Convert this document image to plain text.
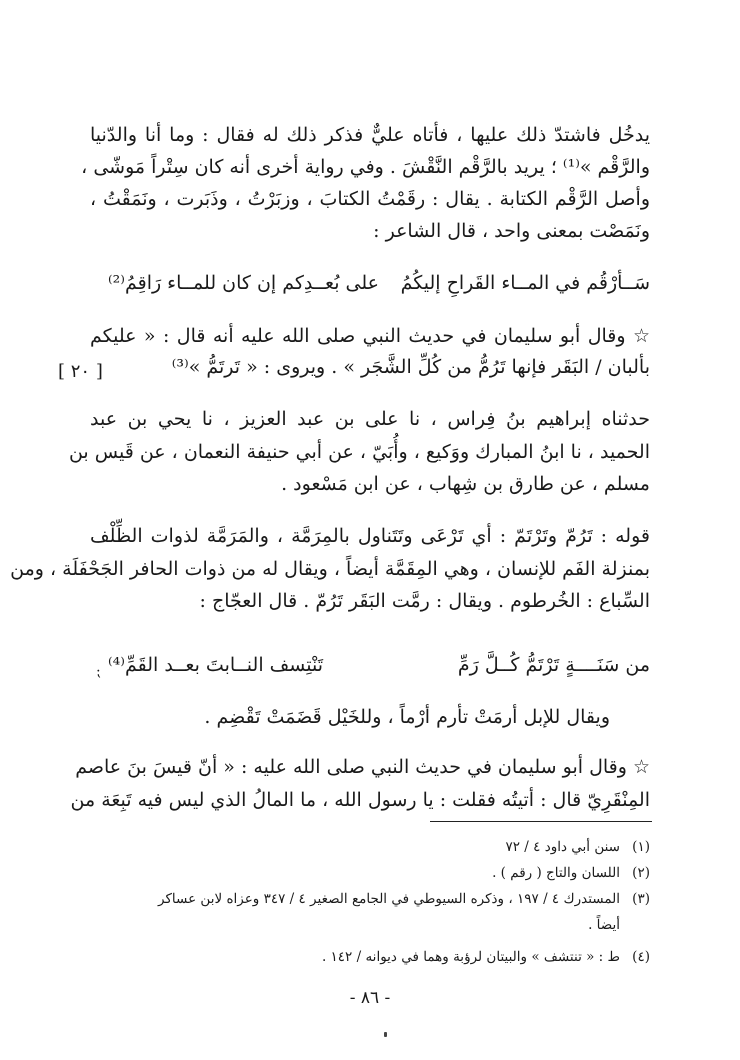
يدخُل فاشتدّ ذلك عليها ، فأتاه عليٌّ فذكر ذلك له فقال : وما أنا والدّنيا
والرَّقْم »⁽¹⁾ ؛ يريد بالرَّقْم النَّقْشَ . وفي رواية أخرى أنه كان سِتْراً مَوشّى ،
وأصل الرَّقْم الكتابة . يقال : رقَمْتُ الكتابَ ، وزبَرْتُ ، وذَبَرت ، ونَمَقْتُ ،
ونَمَصْت بمعنى واحد ، قال الشاعر :
سَــأرْقُم في المــاء القَراحِ إليكُمُ
على بُعــدِكم إن كان للمــاء رَاقِمُ⁽²⁾
☆ وقال أبو سليمان في حديث النبي صلى الله عليه أنه قال : « عليكم
بألبان / البَقَر فإنها تَرُمُّ من كُلِّ الشَّجَر » . ويروى : « تَرتَمُّ »⁽³⁾
[ ٢٠ ]
حدثناه إبراهيم بنُ فِراس ، نا على بن عبد العزيز ، نا يحي بن عبد
الحميد ، نا ابنُ المبارك ووَكيع ، وأُبَيّ ، عن أبي حنيفة النعمان ، عن قَيس بن
مسلم ، عن طارق بن شِهاب ، عن ابن مَسْعود .
قوله : تَرُمّ وتَرْتَمّ : أي تَرْعَى وتَتَناول بالمِرَمَّة ، والمَرَمَّة لذوات الظِّلْف
بمنزلة الفَم للإنسان ، وهي المِقَمَّة أيضاً ، ويقال له من ذوات الحافر الجَحْفَلَة ، ومن
السِّباع : الخُرطوم . ويقال : رمَّت البَقَر تَرُمّ . قال العجّاج :
من سَنَــــةٍ تَرْتَمُّ كُــلَّ رَمِّ
تَنْتِسف النــابتَ بعــد القَمِّ⁽⁴⁾
⁏
ويقال للإبل أرمَتْ تأرم أرْماً ، وللخَيْل قَضَمَتْ تَقْضِم .
☆ وقال أبو سليمان في حديث النبي صلى الله عليه : « أنّ قيسَ بنَ عاصم
المِنْقَرِيّ قال : أتيتُه فقلت : يا رسول الله ، ما المالُ الذي ليس فيه تَبِعَة من
(١)سنن أبي داود ٤ / ٧٢
(٢)اللسان والتاج ( رقم ) .
(٣)المستدرك ٤ / ١٩٧ ، وذكره السيوطي في الجامع الصغير ٤ / ٣٤٧ وعزاه لابن عساكر
أيضاً .
(٤)ط : « تنتشف » والبيتان لرؤبة وهما في ديوانه / ١٤٢ .
- ٨٦ -
